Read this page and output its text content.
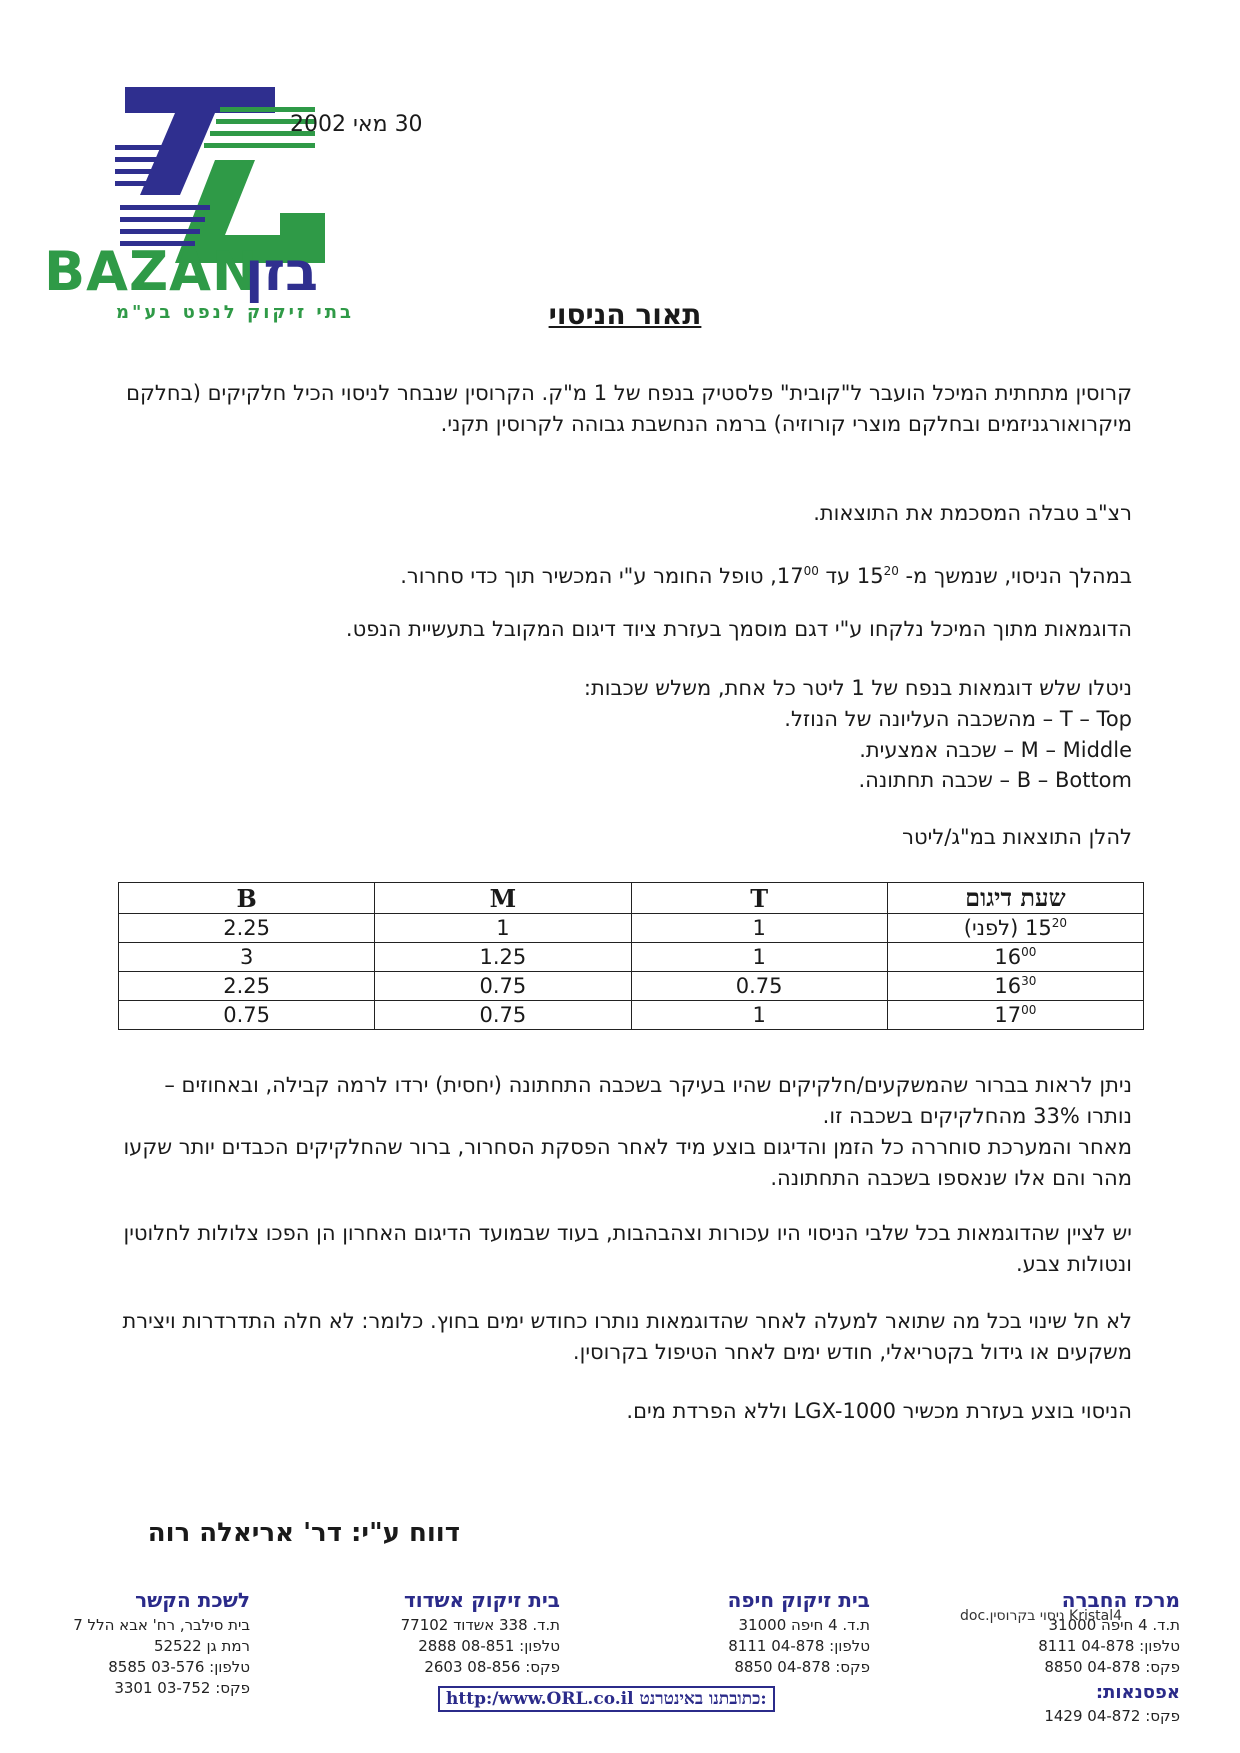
BAZAN
בזן
בתי זיקוק לנפט בע"מ
30 מאי 2002
תאור הניסוי
קרוסין מתחתית המיכל הועבר ל"קובית" פלסטיק בנפח של 1 מ"ק. הקרוסין שנבחר לניסוי הכיל חלקיקים (בחלקם מיקרואורגניזמים ובחלקם מוצרי קורוזיה) ברמה הנחשבת גבוהה לקרוסין תקני.
רצ"ב טבלה המסכמת את התוצאות.
במהלך הניסוי, שנמשך מ- $15^{20}$ עד $17^{00}$, טופל החומר ע"י המכשיר תוך כדי סחרור.
הדוגמאות מתוך המיכל נלקחו ע"י דגם מוסמך בעזרת ציוד דיגום המקובל בתעשיית הנפט.
ניטלו שלש דוגמאות בנפח של 1 ליטר כל אחת, משלש שכבות:
T – Top – מהשכבה העליונה של הנוזל.
M – Middle – שכבה אמצעית.
B – Bottom – שכבה תחתונה.
להלן התוצאות במ"ג/ליטר
B	M	T	שעת דיגום
2.25	1	1	$15^{20}$ (לפני)
3	1.25	1	$16^{00}$
2.25	0.75	0.75	$16^{30}$
0.75	0.75	1	$17^{00}$
ניתן לראות בברור שהמשקעים/חלקיקים שהיו בעיקר בשכבה התחתונה (יחסית) ירדו לרמה קבילה, ובאחוזים – נותרו 33% מהחלקיקים בשכבה זו.
מאחר והמערכת סוחררה כל הזמן והדיגום בוצע מיד לאחר הפסקת הסחרור, ברור שהחלקיקים הכבדים יותר שקעו מהר והם אלו שנאספו בשכבה התחתונה.
יש לציין שהדוגמאות בכל שלבי הניסוי היו עכורות וצהבהבות, בעוד שבמועד הדיגום האחרון הן הפכו צלולות לחלוטין ונטולות צבע.
לא חל שינוי בכל מה שתואר למעלה לאחר שהדוגמאות נותרו כחודש ימים בחוץ. כלומר: לא חלה התדרדרות ויצירת משקעים או גידול בקטריאלי, חודש ימים לאחר הטיפול בקרוסין.
הניסוי בוצע בעזרת מכשיר LGX-1000 וללא הפרדת מים.
דווח ע"י: דר' אריאלה רוה
מרכז החברה
ת.ד. 4 חיפה 31000
טלפון: 04-878 8111
פקס: 04-878 8850
אפסנאות:
פקס: 04-872 1429
בית זיקוק חיפה
ת.ד. 4 חיפה 31000
טלפון: 04-878 8111
פקס: 04-878 8850
בית זיקוק אשדוד
ת.ד. 338 אשדוד 77102
טלפון: 08-851 2888
פקס: 08-856 2603
לשכת הקשר
בית סילבר, רח' אבא הלל 7
רמת גן 52522
טלפון: 03-576 8585
פקס: 03-752 3301
http:/www.ORL.co.il כתובתנו באינטרנט:
doc.ניסוי בקרוסין Kristal4
